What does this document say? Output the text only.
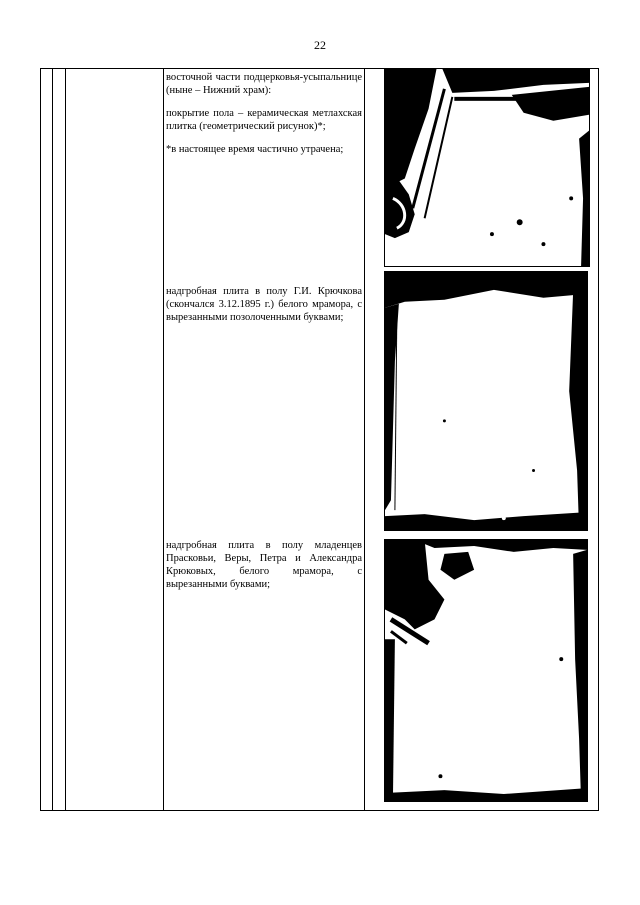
22

восточной части подцерковья-усыпальнице (ныне – Нижний храм):

покрытие пола – керамическая метлахская плитка (геометрический рисунок)*;

*в настоящее время частично утрачена;

надгробная плита в полу Г.И. Крючкова (скончался 3.12.1895 г.) белого мрамора, с вырезанными позолоченными буквами;

надгробная плита в полу младенцев Прасковьи, Веры, Петра и Александра Крюковых, белого мрамора, с вырезанными буквами;
